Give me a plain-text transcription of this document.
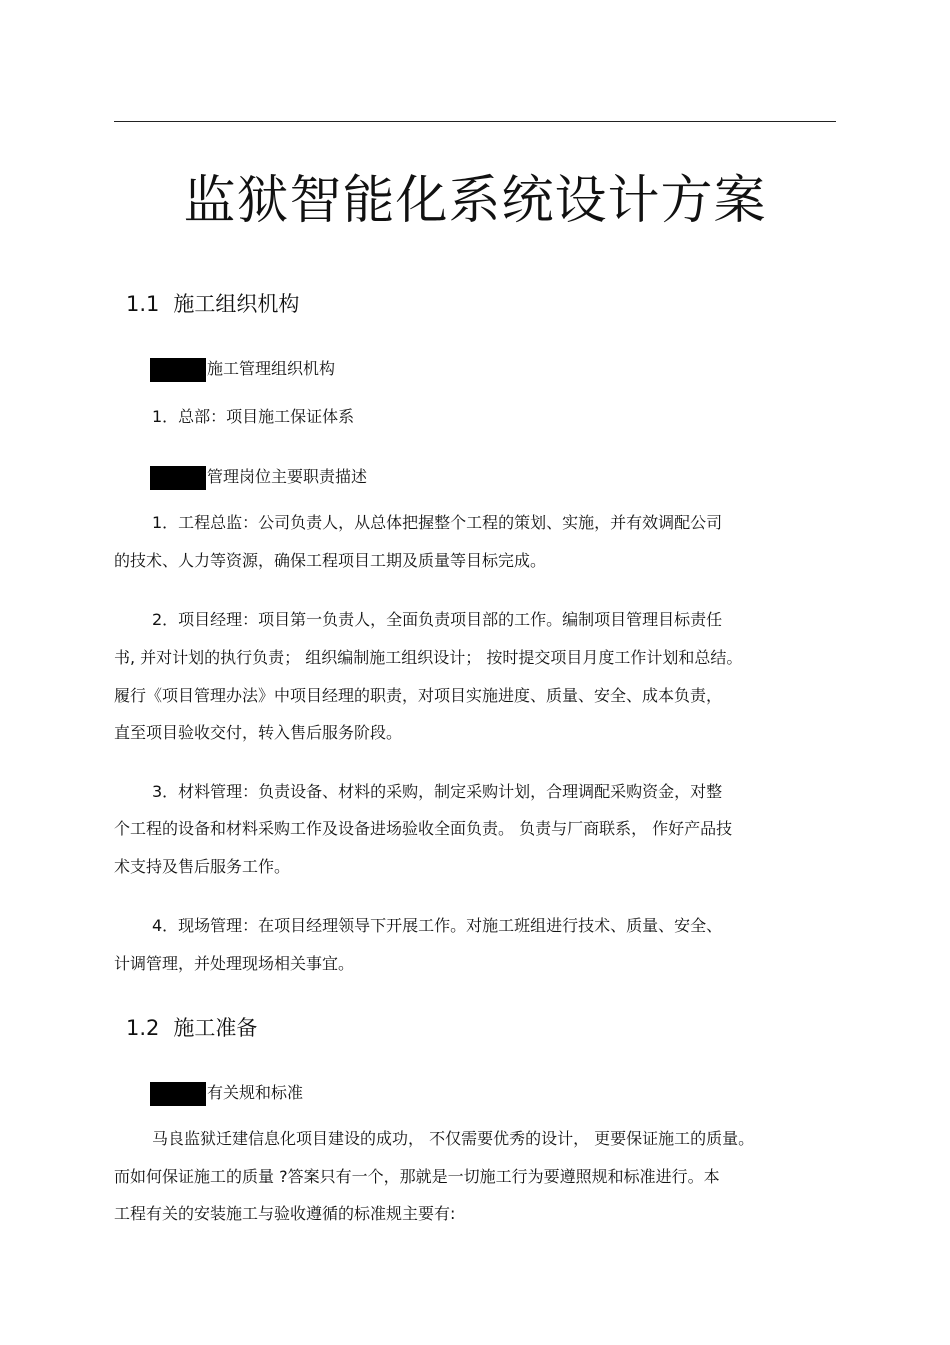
监狱智能化系统设计方案
1.1 施工组织机构
施工管理组织机构
1．总部：项目施工保证体系
管理岗位主要职责描述
1．工程总监：公司负责人，从总体把握整个工程的策划、实施，并有效调配公司
的技术、人力等资源，确保工程项目工期及质量等目标完成。
2．项目经理：项目第一负责人，全面负责项目部的工作。编制项目管理目标责任
书, 并对计划的执行负责； 组织编制施工组织设计； 按时提交项目月度工作计划和总结。
履行《项目管理办法》中项目经理的职责，对项目实施进度、质量、安全、成本负责，
直至项目验收交付，转入售后服务阶段。
3．材料管理：负责设备、材料的采购，制定采购计划，合理调配采购资金，对整
个工程的设备和材料采购工作及设备进场验收全面负责。 负责与厂商联系， 作好产品技
术支持及售后服务工作。
4．现场管理：在项目经理领导下开展工作。对施工班组进行技术、质量、安全、
计调管理，并处理现场相关事宜。
1.2 施工准备
有关规和标准
马良监狱迁建信息化项目建设的成功， 不仅需要优秀的设计， 更要保证施工的质量。
而如何保证施工的质量 ?答案只有一个，那就是一切施工行为要遵照规和标准进行。本
工程有关的安装施工与验收遵循的标准规主要有:
